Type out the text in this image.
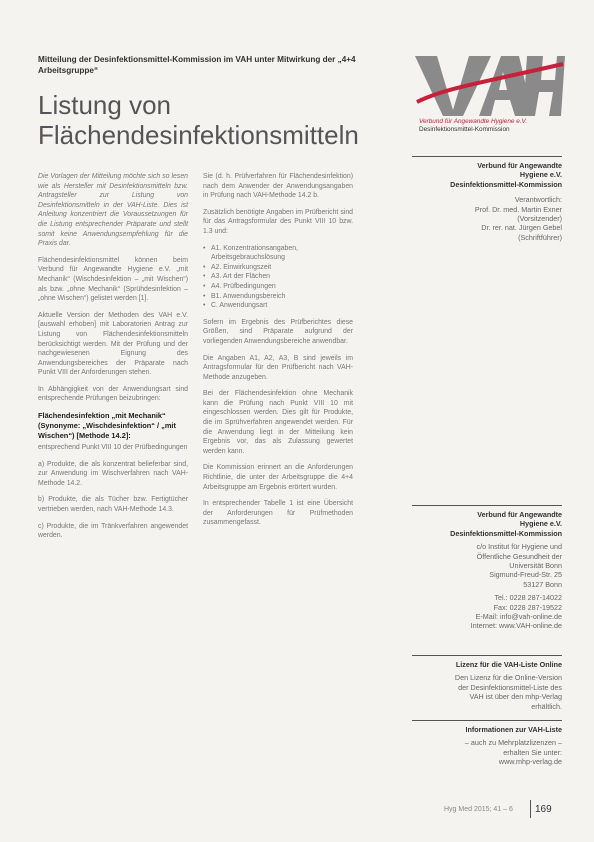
Mitteilung der Desinfektionsmittel-Kommission im VAH unter Mitwirkung der „4+4 Arbeitsgruppe“
Listung von
Flächendesinfektionsmitteln	Verbund für Angewandte Hygiene e.V.
Desinfektionsmittel-Kommission

Die Vorlagen der Mitteilung möchte sich so lesen wie als Hersteller mit Desinfektionsmitteln bzw. Antragsteller zur Listung von Desinfektionsmitteln in der VAH-Liste. Dies ist Anleitung konzentriert die Voraussetzungen für die Listung entsprechender Präparate und stellt somit keine Anwendungsempfehlung für die Praxis dar.

Flächendesinfektionsmittel können beim Verbund für Angewandte Hygiene e.V. „mit Mechanik“ (Wischdesinfektion – „mit Wischen“) als bzw. „ohne Mechanik“ (Sprühdesinfektion – „ohne Wischen“) gelistet werden [1].

Aktuelle Version der Methoden des VAH e.V. [auswahl erhoben] mit Laboratorien Antrag zur Listung von Flächendesinfektionsmitteln berücksichtigt werden. Mit der Prüfung und der nachgewiesenen Eignung des Anwendungsbereiches der Präparate nach Punkt VIII der Anforderungen stehen.

In Abhängigkeit von der Anwendungsart sind entsprechende Prüfungen beizubringen:

Flächendesinfektion „mit Mechanik“ (Synonyme: „Wischdesinfektion“ / „mit Wischen“) [Methode 14.2]:

entsprechend Punkt VIII 10 der Prüfbedingungen

a) Produkte, die als konzentrat belieferbar sind, zur Anwendung im Wischverfahren nach VAH-Methode 14.2.

b) Produkte, die als Tücher bzw. Fertigtücher vertrieben werden, nach VAH-Methode 14.3.

c) Produkte, die im Tränkverfahren angewendet werden.

Sie (d. h. Prüfverfahren für Flächendesinfektion) nach dem Anwender der Anwendungsangaben in Prüfung nach VAH-Methode 14.2 b.

Zusätzlich benötigte Angaben im Prüfbericht sind für das Antragsformular des Punkt VIII 10 bzw. 1.3 und:

• A1. Konzentrationsangaben, Arbeitsgebrauchslösung
• A2. Einwirkungszeit
• A3. Art der Flächen
• A4. Prüfbedingungen
• B1. Anwendungsbereich
• C. Anwendungsart

Sofern im Ergebnis des Prüfberichtes diese Größen, sind Präparate aufgrund der vorliegenden Anwendungsbereiche anwendbar.

Die Angaben A1, A2, A3, B sind jeweils im Antragsformular für den Prüfbericht nach VAH-Methode anzugeben.

Bei der Flächendesinfektion ohne Mechanik kann die Prüfung nach Punkt VIII 10 mit eingeschlossen werden. Dies gilt für Produkte, die im Sprühverfahren angewendet werden. Für die Anwendung liegt in der Mitteilung kein Ergebnis vor, das als Zulassung gewertet werden kann.

Die Kommission erinnert an die Anforderungen Richtlinie, die unter der Arbeitsgruppe die 4+4 Arbeitsgruppe am Ergebnis erörtert wurden.

In entsprechender Tabelle 1 ist eine Übersicht der Anforderungen für Prüfmethoden zusammengefasst.

Verbund für Angewandte
Hygiene e.V.
Desinfektionsmittel-Kommission
Verantwortlich:
Prof. Dr. med. Martin Exner
(Vorsitzender)
Dr. rer. nat. Jürgen Gebel
(Schriftführer)
Verbund für Angewandte
Hygiene e.V.
Desinfektionsmittel-Kommission
c/o Institut für Hygiene und
Öffentliche Gesundheit der
Universität Bonn
Sigmund-Freud-Str. 25
53127 Bonn
Tel.: 0228 287-14022
Fax: 0228 287-19522
E-Mail: info@vah-online.de
Internet: www.VAH-online.de
Lizenz für die VAH-Liste Online
Den Lizenz für die Online-Version
der Desinfektionsmittel-Liste des
VAH ist über den mhp-Verlag
erhältlich.
Informationen zur VAH-Liste
– auch zu Mehrplatzlizenzen –
erhalten Sie unter:
www.mhp-verlag.de
Hyg Med 2015; 41 – 6 169
